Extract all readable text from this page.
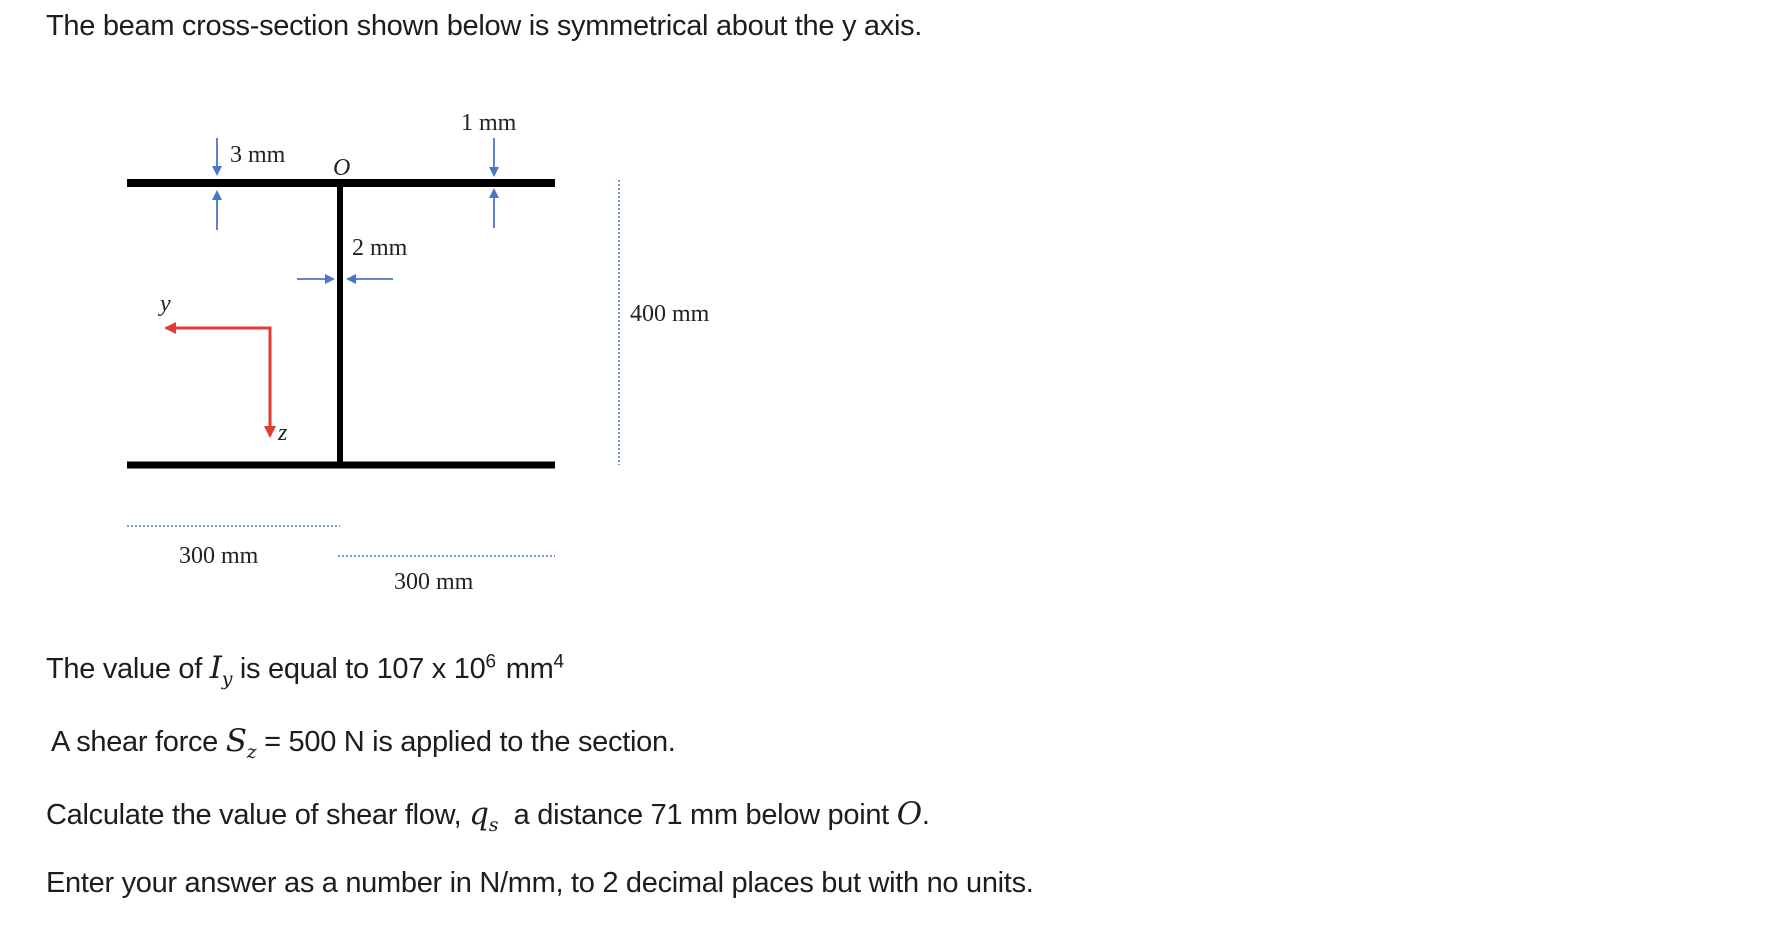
The beam cross-section shown below is symmetrical about the y axis.

3 mm
1 mm
O
2 mm
400 mm
300 mm
300 mm
y
z

The value of $I_y$ is equal to 107 x $10^6$ $mm^4$

A shear force $S_z = 500$ N is applied to the section.

Calculate the value of shear flow, $q_s$  a distance 71 mm below point O.

Enter your answer as a number in N/mm, to 2 decimal places but with no units.
